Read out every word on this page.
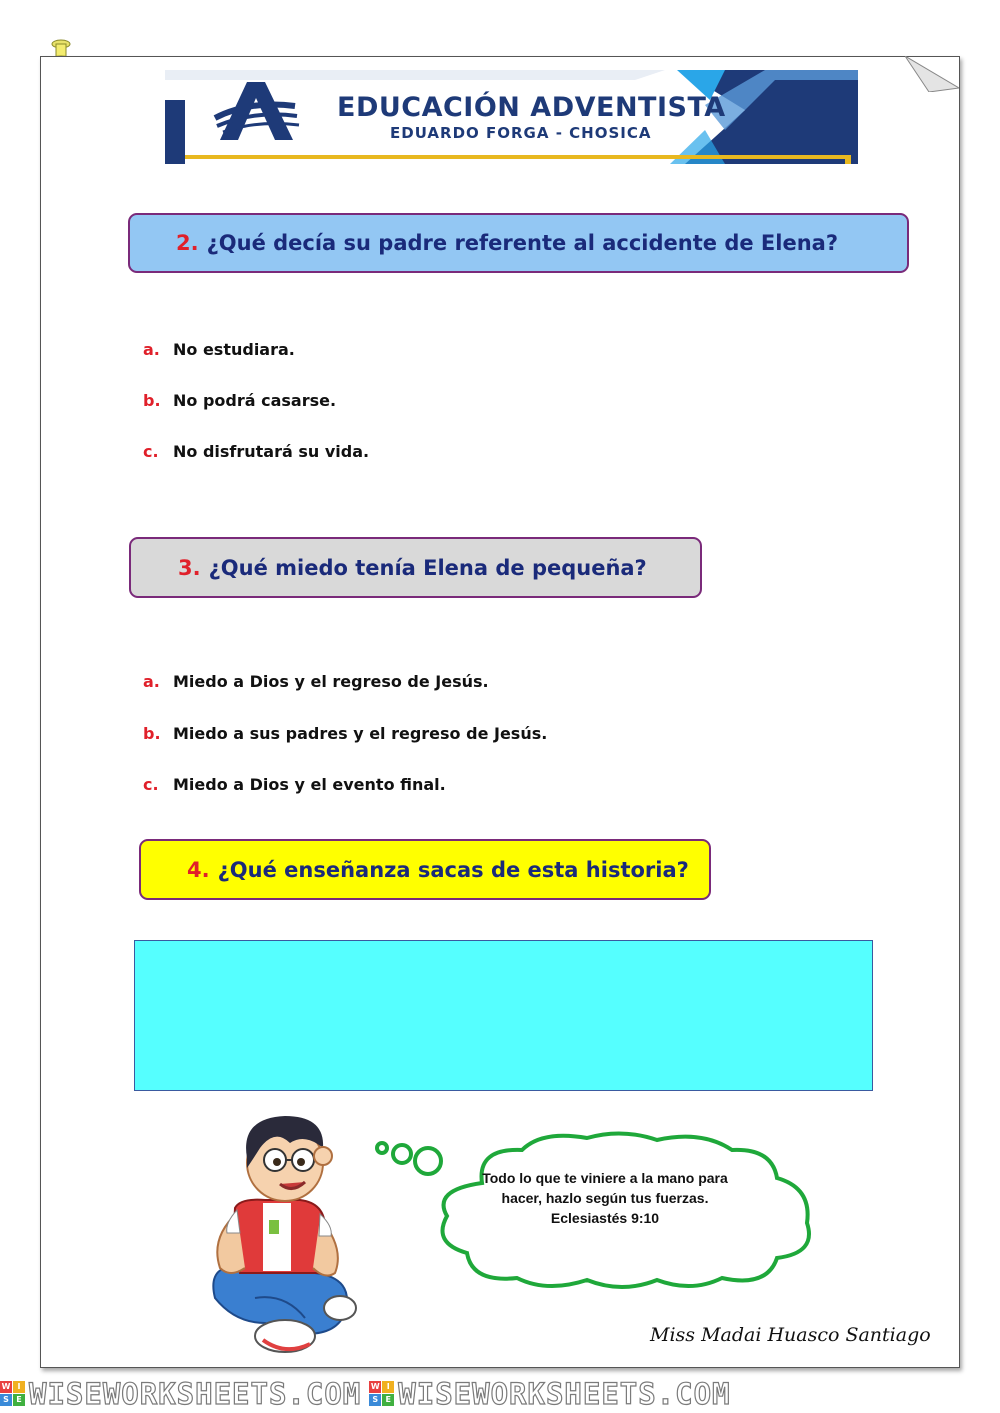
EDUCACIÓN ADVENTISTA
EDUARDO FORGA - CHOSICA
2. ¿Qué decía su padre referente al accidente de Elena?
a. No estudiara.
b. No podrá casarse.
c. No disfrutará su vida.
3. ¿Qué miedo tenía Elena de pequeña?
a. Miedo a Dios y el regreso de Jesús.
b. Miedo a sus padres y el regreso de Jesús.
c. Miedo a Dios y el evento final.
4. ¿Qué enseñanza sacas de esta historia?
Todo lo que te viniere a la mano para hacer, hazlo según tus fuerzas.
Eclesiastés 9:10
Miss Madai Huasco Santiago
W I
S E WISEWORKSHEETS.COM W I
S E WISEWORKSHEETS.COM
